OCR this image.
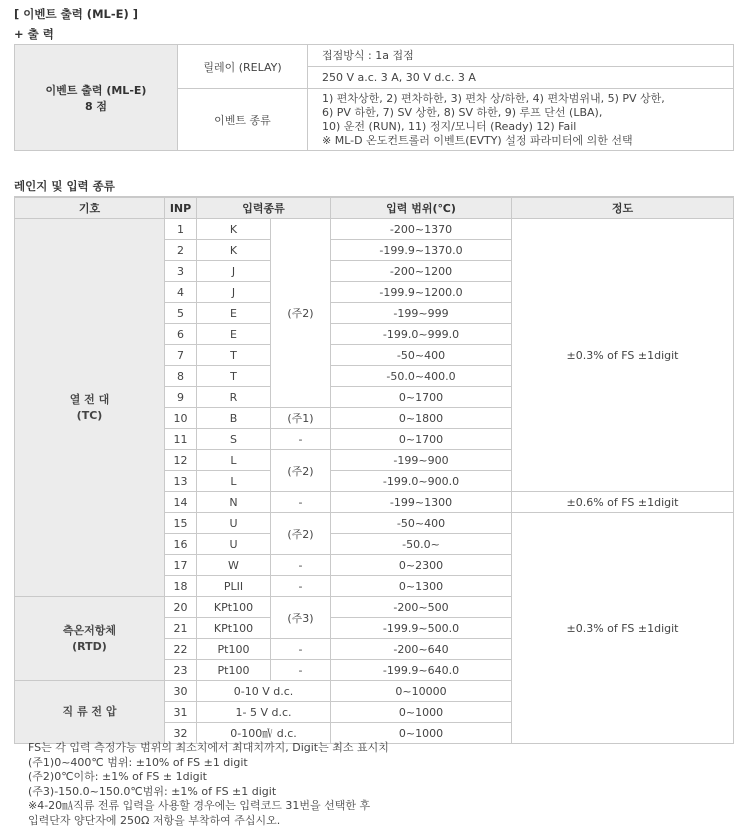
[ 이벤트 출력 (ML-E) ]
+ 출 력
이벤트 출력 (ML-E)
8 점	릴레이 (RELAY)	접점방식 : 1a 접점
		250 V a.c. 3 A, 30 V d.c. 3 A
	이벤트 종류	1) 편차상한, 2) 편차하한, 3) 편차 상/하한, 4) 편차범위내, 5) PV 상한,
6) PV 하한, 7) SV 상한, 8) SV 하한, 9) 루프 단선 (LBA),
10) 운전 (RUN), 11) 정지/모니터 (Ready) 12) Fail
※ ML-D 온도컨트롤러 이벤트(EVTY) 설정 파라미터에 의한 선택
레인지 및 입력 종류
기호	INP	입력종류		입력 범위(℃)	정도

열 전 대
(TC)	1	K	(주2)	-200~1370	±0.3% of FS ±1digit
	2	K		-199.9~1370.0	
	3	J		-200~1200	
	4	J		-199.9~1200.0	
	5	E		-199~999	
	6	E		-199.0~999.0	
	7	T		-50~400	
	8	T		-50.0~400.0	
	9	R		0~1700	
	10	B	(주1)	0~1800	
	11	S	-	0~1700	
	12	L	(주2)	-199~900	
	13	L		-199.0~900.0	
	14	N	-	-199~1300	±0.6% of FS ±1digit
	15	U	(주2)	-50~400	±0.3% of FS ±1digit
	16	U		-50.0~	
	17	W	-	0~2300	
	18	PLII	-	0~1300	

측온저항체
(RTD)	20	KPt100	(주3)	-200~500	
	21	KPt100		-199.9~500.0	
	22	Pt100	-	-200~640	
	23	Pt100	-	-199.9~640.0	
직 류 전 압	30	0-10 V d.c.		0~10000	
	31	1- 5 V d.c.		0~1000	
	32	0-100㎷ d.c.		0~1000	
FS는 각 입력 측정가능 범위의 최소치에서 최대치까지, Digit는 최소 표시치
(주1)0~400℃ 범위: ±10% of FS ±1 digit
(주2)0℃이하: ±1% of FS ± 1digit
(주3)-150.0~150.0℃범위: ±1% of FS ±1 digit
※4-20㎃직류 전류 입력을 사용할 경우에는 입력코드 31번을 선택한 후
입력단자 양단자에 250Ω 저항을 부착하여 주십시오.
